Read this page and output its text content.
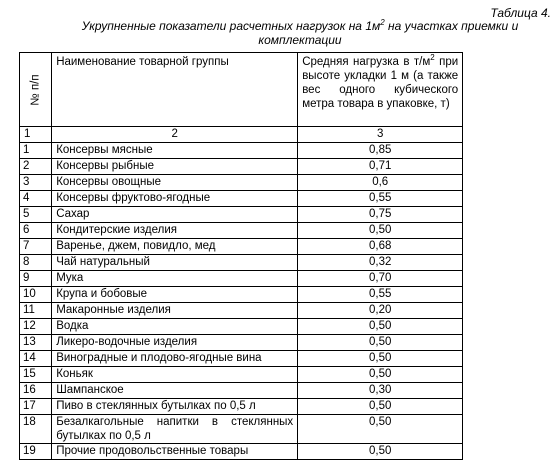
Таблица 4.
Укрупненные показатели расчетных нагрузок на $1м^2$ на участках приемки и комплектации
№ п/п	Наименование товарной группы	Средняя нагрузка в $т/м^2$ при высоте укладки 1 м (а также вес одного кубического метра товара в упаковке, т)
1	2	3
1	Консервы мясные	0,85
2	Консервы рыбные	0,71
3	Консервы овощные	0,6
4	Консервы фруктово-ягодные	0,55
5	Сахар	0,75
6	Кондитерские изделия	0,50
7	Варенье, джем, повидло, мед	0,68
8	Чай натуральный	0,32
9	Мука	0,70
10	Крупа и бобовые	0,55
11	Макаронные изделия	0,20
12	Водка	0,50
13	Ликеро-водочные изделия	0,50
14	Виноградные и плодово-ягодные вина	0,50
15	Коньяк	0,50
16	Шампанское	0,30
17	Пиво в стеклянных бутылках по 0,5 л	0,50
18	Безалкагольные напитки в стеклянных бутылках по 0,5 л	0,50
19	Прочие продовольственные товары	0,50
